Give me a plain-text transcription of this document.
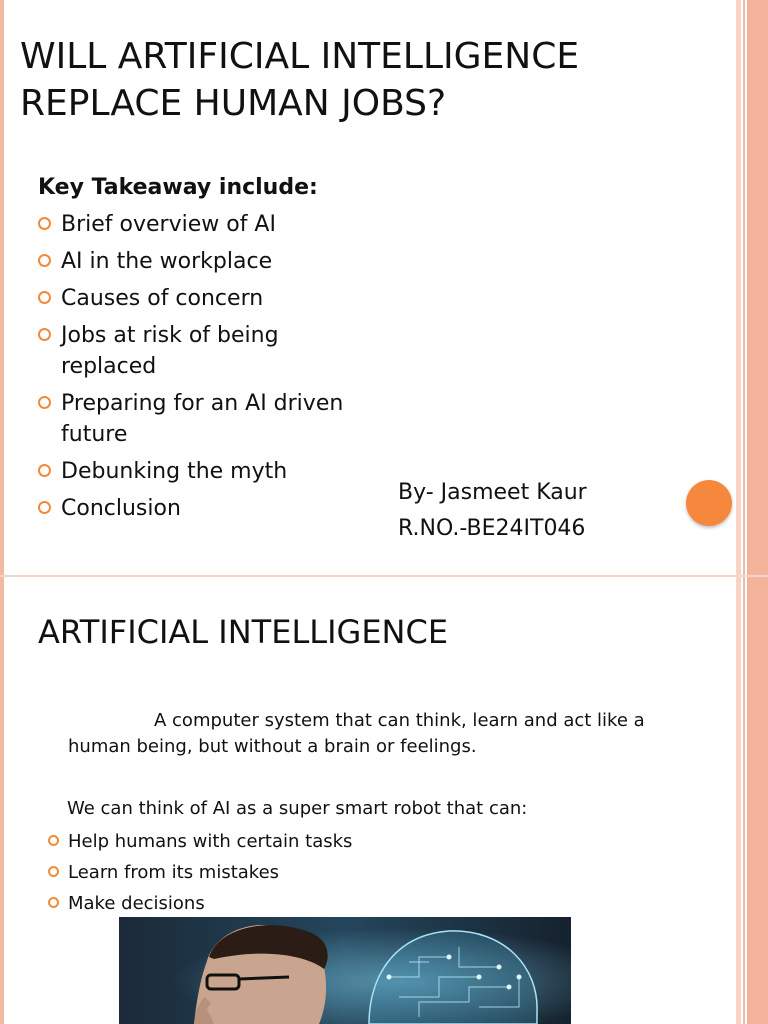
WILL ARTIFICIAL INTELLIGENCE REPLACE HUMAN JOBS?
Key Takeaway include:
Brief overview of AI
AI in the workplace
Causes of concern
Jobs at risk of being replaced
Preparing for an AI driven future
Debunking the myth
Conclusion
By- Jasmeet Kaur
R.NO.-BE24IT046
ARTIFICIAL INTELLIGENCE

A computer system that can think, learn and act like a human being, but without a brain or feelings.

We can think of AI as a super smart robot that can:

Help humans with certain tasks
Learn from its mistakes
Make decisions
